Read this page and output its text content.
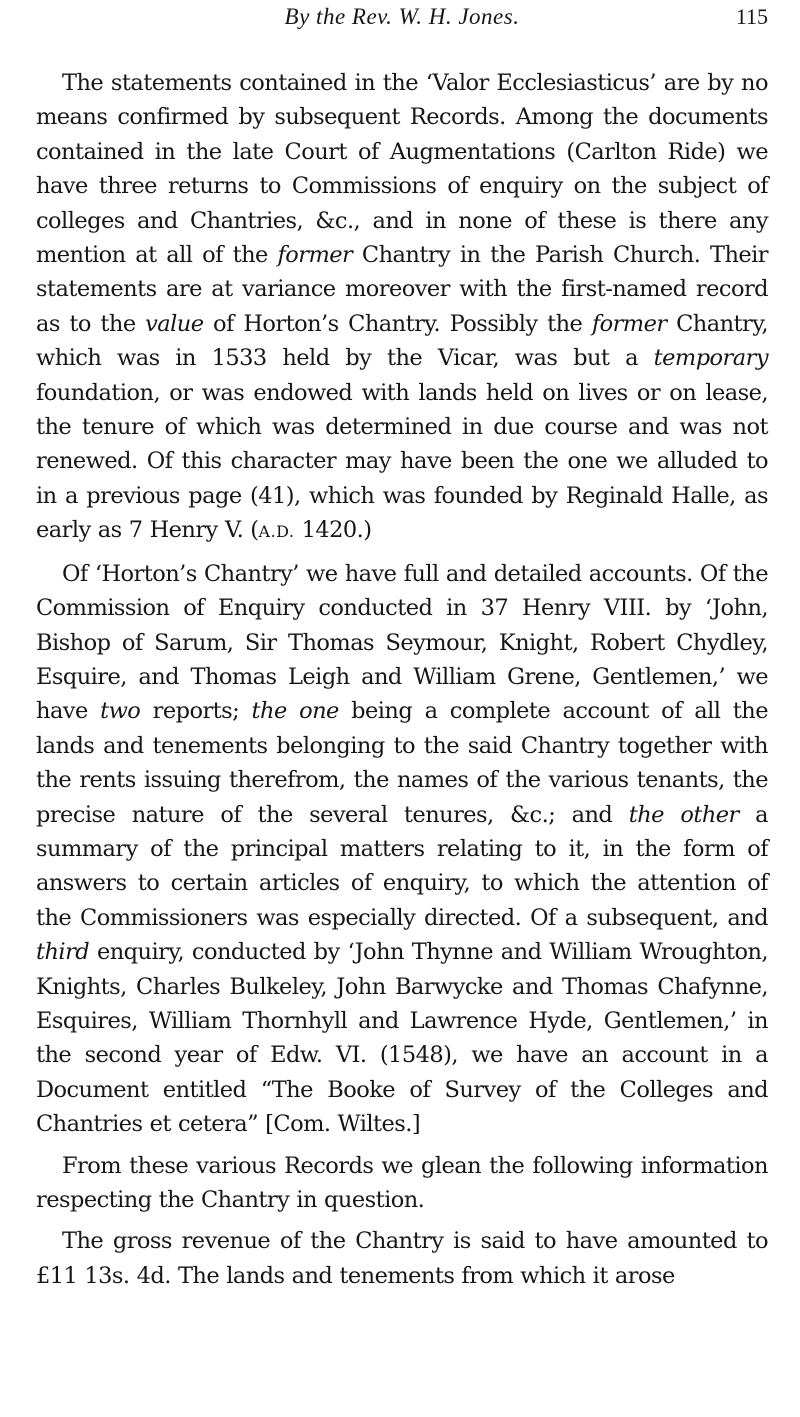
By the Rev. W. H. Jones.	115

The statements contained in the ‘Valor Ecclesiasticus’ are by no means confirmed by subsequent Records. Among the documents contained in the late Court of Augmentations (Carlton Ride) we have three returns to Commissions of enquiry on the subject of colleges and Chantries, &c., and in none of these is there any mention at all of the former Chantry in the Parish Church. Their statements are at variance moreover with the first-named record as to the value of Horton’s Chantry. Possibly the former Chantry, which was in 1533 held by the Vicar, was but a temporary foundation, or was endowed with lands held on lives or on lease, the tenure of which was determined in due course and was not renewed. Of this character may have been the one we alluded to in a previous page (41), which was founded by Reginald Halle, as early as 7 Henry V. (A.D. 1420.)

Of ‘Horton’s Chantry’ we have full and detailed accounts. Of the Commission of Enquiry conducted in 37 Henry VIII. by ‘John, Bishop of Sarum, Sir Thomas Seymour, Knight, Robert Chydley, Esquire, and Thomas Leigh and William Grene, Gentlemen,’ we have two reports; the one being a complete account of all the lands and tenements belonging to the said Chantry together with the rents issuing therefrom, the names of the various tenants, the precise nature of the several tenures, &c.; and the other a summary of the principal matters relating to it, in the form of answers to certain articles of enquiry, to which the attention of the Commissioners was especially directed. Of a subsequent, and third enquiry, conducted by ‘John Thynne and William Wroughton, Knights, Charles Bulkeley, John Barwycke and Thomas Chafynne, Esquires, William Thornhyll and Lawrence Hyde, Gentlemen,’ in the second year of Edw. VI. (1548), we have an account in a Document entitled “The Booke of Survey of the Colleges and Chantries et cetera” [Com. Wiltes.]

From these various Records we glean the following information respecting the Chantry in question.

The gross revenue of the Chantry is said to have amounted to £11 13s. 4d. The lands and tenements from which it arose
